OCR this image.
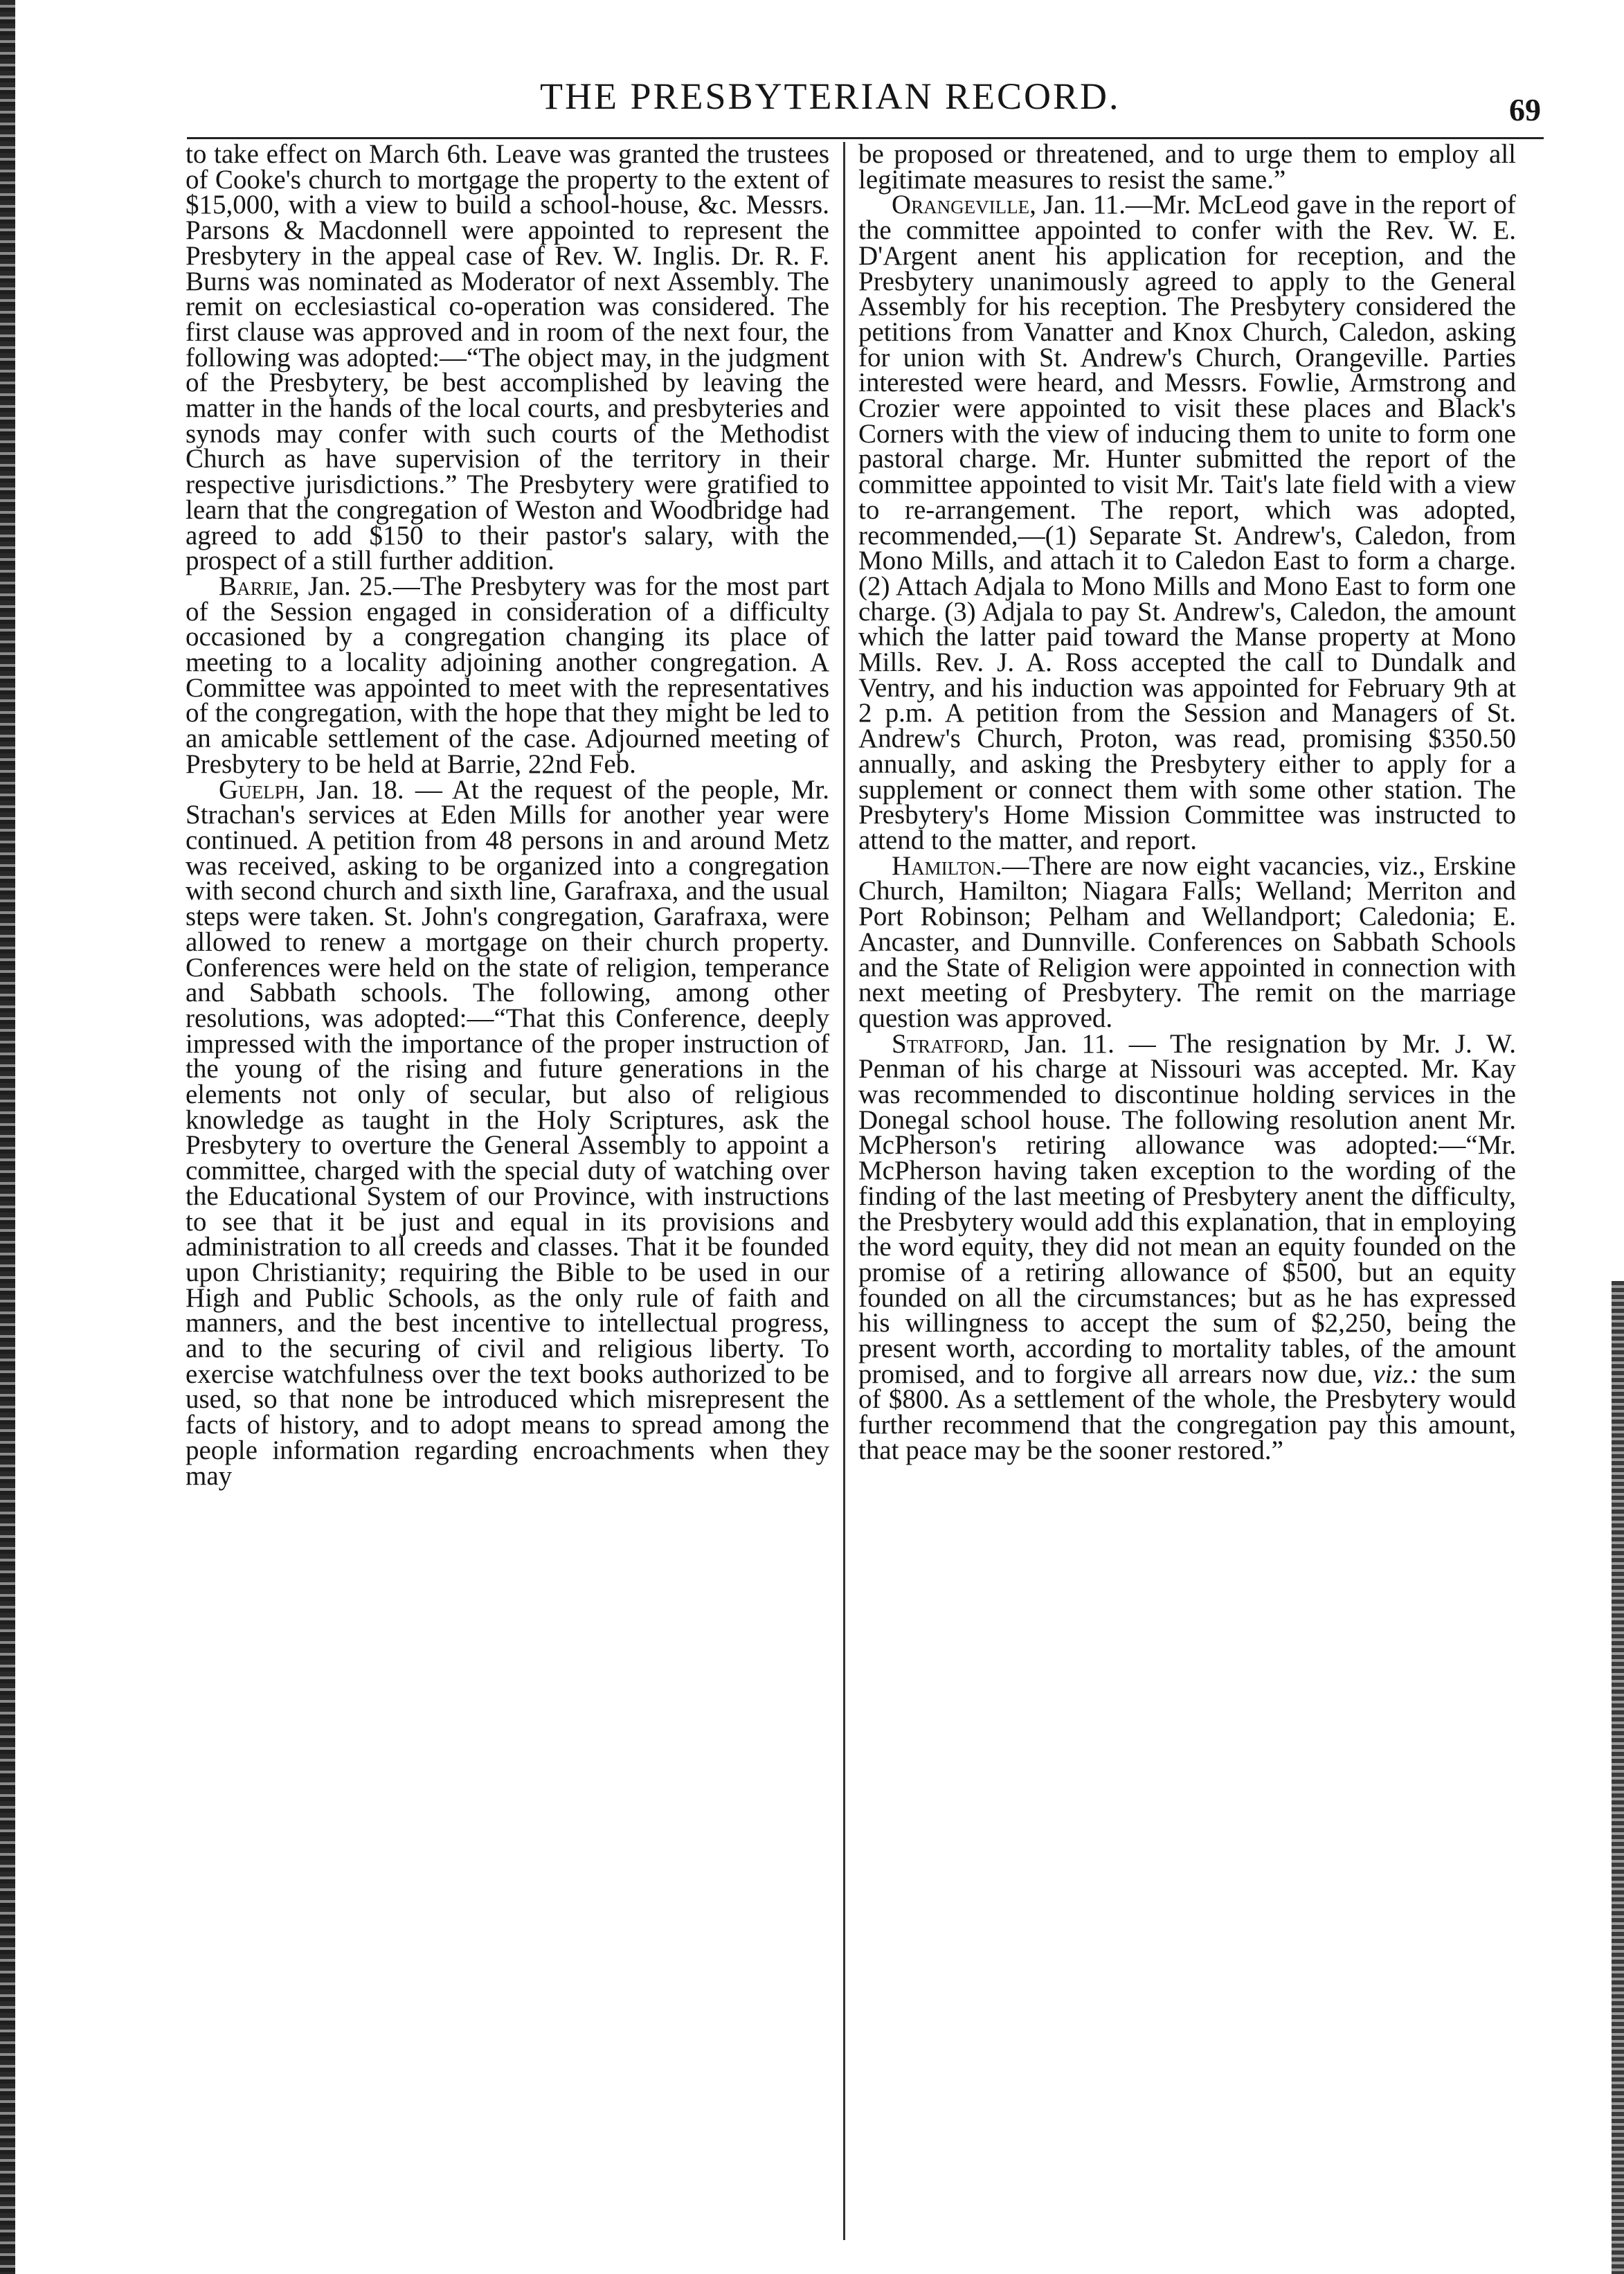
THE PRESBYTERIAN RECORD.	69

to take effect on March 6th. Leave was granted the trustees of Cooke's church to mortgage the property to the extent of $15,000, with a view to build a school-house, &c. Messrs. Parsons & Macdonnell were appointed to represent the Presbytery in the appeal case of Rev. W. Inglis. Dr. R. F. Burns was nominated as Moderator of next Assembly. The remit on ecclesiastical co-operation was considered. The first clause was approved and in room of the next four, the following was adopted:—“The object may, in the judgment of the Presbytery, be best accomplished by leaving the matter in the hands of the local courts, and presbyteries and synods may confer with such courts of the Methodist Church as have supervision of the territory in their respective jurisdictions.” The Presbytery were gratified to learn that the congregation of Weston and Woodbridge had agreed to add $150 to their pastor's salary, with the prospect of a still further addition.

Barrie, Jan. 25.—The Presbytery was for the most part of the Session engaged in consideration of a difficulty occasioned by a congregation changing its place of meeting to a locality adjoining another congregation. A Committee was appointed to meet with the representatives of the congregation, with the hope that they might be led to an amicable settlement of the case. Adjourned meeting of Presbytery to be held at Barrie, 22nd Feb.

Guelph, Jan. 18. — At the request of the people, Mr. Strachan's services at Eden Mills for another year were continued. A petition from 48 persons in and around Metz was received, asking to be organized into a congregation with second church and sixth line, Garafraxa, and the usual steps were taken. St. John's congregation, Garafraxa, were allowed to renew a mortgage on their church property. Conferences were held on the state of religion, temperance and Sabbath schools. The following, among other resolutions, was adopted:—“That this Conference, deeply impressed with the importance of the proper instruction of the young of the rising and future generations in the elements not only of secular, but also of religious knowledge as taught in the Holy Scriptures, ask the Presbytery to overture the General Assembly to appoint a committee, charged with the special duty of watching over the Educational System of our Province, with instructions to see that it be just and equal in its provisions and administration to all creeds and classes. That it be founded upon Christianity; requiring the Bible to be used in our High and Public Schools, as the only rule of faith and manners, and the best incentive to intellectual progress, and to the securing of civil and religious liberty. To exercise watchfulness over the text books authorized to be used, so that none be introduced which misrepresent the facts of history, and to adopt means to spread among the people information regarding encroachments when they may

be proposed or threatened, and to urge them to employ all legitimate measures to resist the same.”

Orangeville, Jan. 11.—Mr. McLeod gave in the report of the committee appointed to confer with the Rev. W. E. D'Argent anent his application for reception, and the Presbytery unanimously agreed to apply to the General Assembly for his reception. The Presbytery considered the petitions from Vanatter and Knox Church, Caledon, asking for union with St. Andrew's Church, Orangeville. Parties interested were heard, and Messrs. Fowlie, Armstrong and Crozier were appointed to visit these places and Black's Corners with the view of inducing them to unite to form one pastoral charge. Mr. Hunter submitted the report of the committee appointed to visit Mr. Tait's late field with a view to re-arrangement. The report, which was adopted, recommended,—(1) Separate St. Andrew's, Caledon, from Mono Mills, and attach it to Caledon East to form a charge. (2) Attach Adjala to Mono Mills and Mono East to form one charge. (3) Adjala to pay St. Andrew's, Caledon, the amount which the latter paid toward the Manse property at Mono Mills. Rev. J. A. Ross accepted the call to Dundalk and Ventry, and his induction was appointed for February 9th at 2 p.m. A petition from the Session and Managers of St. Andrew's Church, Proton, was read, promising $350.50 annually, and asking the Presbytery either to apply for a supplement or connect them with some other station. The Presbytery's Home Mission Committee was instructed to attend to the matter, and report.

Hamilton.—There are now eight vacancies, viz., Erskine Church, Hamilton; Niagara Falls; Welland; Merriton and Port Robinson; Pelham and Wellandport; Caledonia; E. Ancaster, and Dunnville. Conferences on Sabbath Schools and the State of Religion were appointed in connection with next meeting of Presbytery. The remit on the marriage question was approved.

Stratford, Jan. 11. — The resignation by Mr. J. W. Penman of his charge at Nissouri was accepted. Mr. Kay was recommended to discontinue holding services in the Donegal school house. The following resolution anent Mr. McPherson's retiring allowance was adopted:—“Mr. McPherson having taken exception to the wording of the finding of the last meeting of Presbytery anent the difficulty, the Presbytery would add this explanation, that in employing the word equity, they did not mean an equity founded on the promise of a retiring allowance of $500, but an equity founded on all the circumstances; but as he has expressed his willingness to accept the sum of $2,250, being the present worth, according to mortality tables, of the amount promised, and to forgive all arrears now due, viz.: the sum of $800. As a settlement of the whole, the Presbytery would further recommend that the congregation pay this amount, that peace may be the sooner restored.”
